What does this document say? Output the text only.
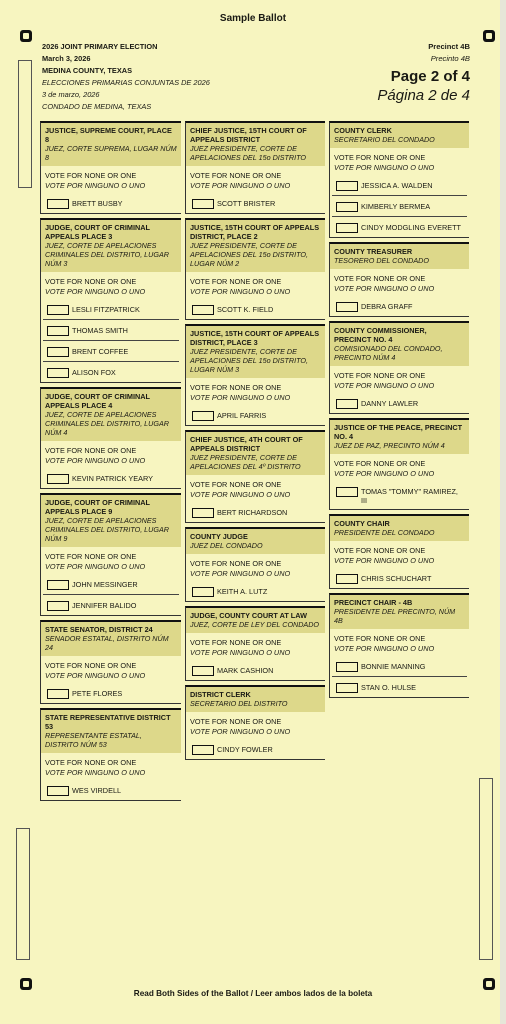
Sample Ballot
2026 JOINT PRIMARY ELECTION
March 3, 2026
MEDINA COUNTY, TEXAS
ELECCIONES PRIMARIAS CONJUNTAS DE 2026
3 de marzo, 2026
CONDADO DE MEDINA, TEXAS
Precinct 4B
Precinto 4B
Page 2 of 4
Página 2 de 4
JUSTICE, SUPREME COURT, PLACE 8
JUEZ, CORTE SUPREMA, LUGAR NÚM 8
VOTE FOR NONE OR ONE
VOTE POR NINGUNO O UNO
BRETT BUSBY
JUDGE, COURT OF CRIMINAL APPEALS PLACE 3
JUEZ, CORTE DE APELACIONES CRIMINALES DEL DISTRITO, LUGAR NÚM 3
VOTE FOR NONE OR ONE
VOTE POR NINGUNO O UNO
LESLI FITZPATRICK
THOMAS SMITH
BRENT COFFEE
ALISON FOX
JUDGE, COURT OF CRIMINAL APPEALS PLACE 4
JUEZ, CORTE DE APELACIONES CRIMINALES DEL DISTRITO, LUGAR NÚM 4
VOTE FOR NONE OR ONE
VOTE POR NINGUNO O UNO
KEVIN PATRICK YEARY
JUDGE, COURT OF CRIMINAL APPEALS PLACE 9
JUEZ, CORTE DE APELACIONES CRIMINALES DEL DISTRITO, LUGAR NÚM 9
VOTE FOR NONE OR ONE
VOTE POR NINGUNO O UNO
JOHN MESSINGER
JENNIFER BALIDO
STATE SENATOR, DISTRICT 24
SENADOR ESTATAL, DISTRITO NÚM 24
VOTE FOR NONE OR ONE
VOTE POR NINGUNO O UNO
PETE FLORES
STATE REPRESENTATIVE DISTRICT 53
REPRESENTANTE ESTATAL, DISTRITO NÚM 53
VOTE FOR NONE OR ONE
VOTE POR NINGUNO O UNO
WES VIRDELL
CHIEF JUSTICE, 15TH COURT OF APPEALS DISTRICT
JUEZ PRESIDENTE, CORTE DE APELACIONES DEL 15o DISTRITO
VOTE FOR NONE OR ONE
VOTE POR NINGUNO O UNO
SCOTT BRISTER
JUSTICE, 15TH COURT OF APPEALS DISTRICT, PLACE 2
JUEZ PRESIDENTE, CORTE DE APELACIONES DEL 15o DISTRITO, LUGAR NÚM 2
VOTE FOR NONE OR ONE
VOTE POR NINGUNO O UNO
SCOTT K. FIELD
JUSTICE, 15TH COURT OF APPEALS DISTRICT, PLACE 3
JUEZ PRESIDENTE, CORTE DE APELACIONES DEL 15o DISTRITO, LUGAR NÚM 3
VOTE FOR NONE OR ONE
VOTE POR NINGUNO O UNO
APRIL FARRIS
CHIEF JUSTICE, 4TH COURT OF APPEALS DISTRICT
JUEZ PRESIDENTE, CORTE DE APELACIONES DEL 4º DISTRITO
VOTE FOR NONE OR ONE
VOTE POR NINGUNO O UNO
BERT RICHARDSON
COUNTY JUDGE
JUEZ DEL CONDADO
VOTE FOR NONE OR ONE
VOTE POR NINGUNO O UNO
KEITH A. LUTZ
JUDGE, COUNTY COURT AT LAW
JUEZ, CORTE DE LEY DEL CONDADO
VOTE FOR NONE OR ONE
VOTE POR NINGUNO O UNO
MARK CASHION
DISTRICT CLERK
SECRETARIO DEL DISTRITO
VOTE FOR NONE OR ONE
VOTE POR NINGUNO O UNO
CINDY FOWLER
COUNTY CLERK
SECRETARIO DEL CONDADO
VOTE FOR NONE OR ONE
VOTE POR NINGUNO O UNO
JESSICA A. WALDEN
KIMBERLY BERMEA
CINDY MODGLING EVERETT
COUNTY TREASURER
TESORERO DEL CONDADO
VOTE FOR NONE OR ONE
VOTE POR NINGUNO O UNO
DEBRA GRAFF
COUNTY COMMISSIONER, PRECINCT NO. 4
COMISIONADO DEL CONDADO, PRECINTO NÚM 4
VOTE FOR NONE OR ONE
VOTE POR NINGUNO O UNO
DANNY LAWLER
JUSTICE OF THE PEACE, PRECINCT NO. 4
JUEZ DE PAZ, PRECINTO NÚM 4
VOTE FOR NONE OR ONE
VOTE POR NINGUNO O UNO
TOMAS "TOMMY" RAMIREZ, III
COUNTY CHAIR
PRESIDENTE DEL CONDADO
VOTE FOR NONE OR ONE
VOTE POR NINGUNO O UNO
CHRIS SCHUCHART
PRECINCT CHAIR - 4B
PRESIDENTE DEL PRECINTO, NÚM 4B
VOTE FOR NONE OR ONE
VOTE POR NINGUNO O UNO
BONNIE MANNING
STAN O. HULSE
Read Both Sides of the Ballot / Leer ambos lados de la boleta
